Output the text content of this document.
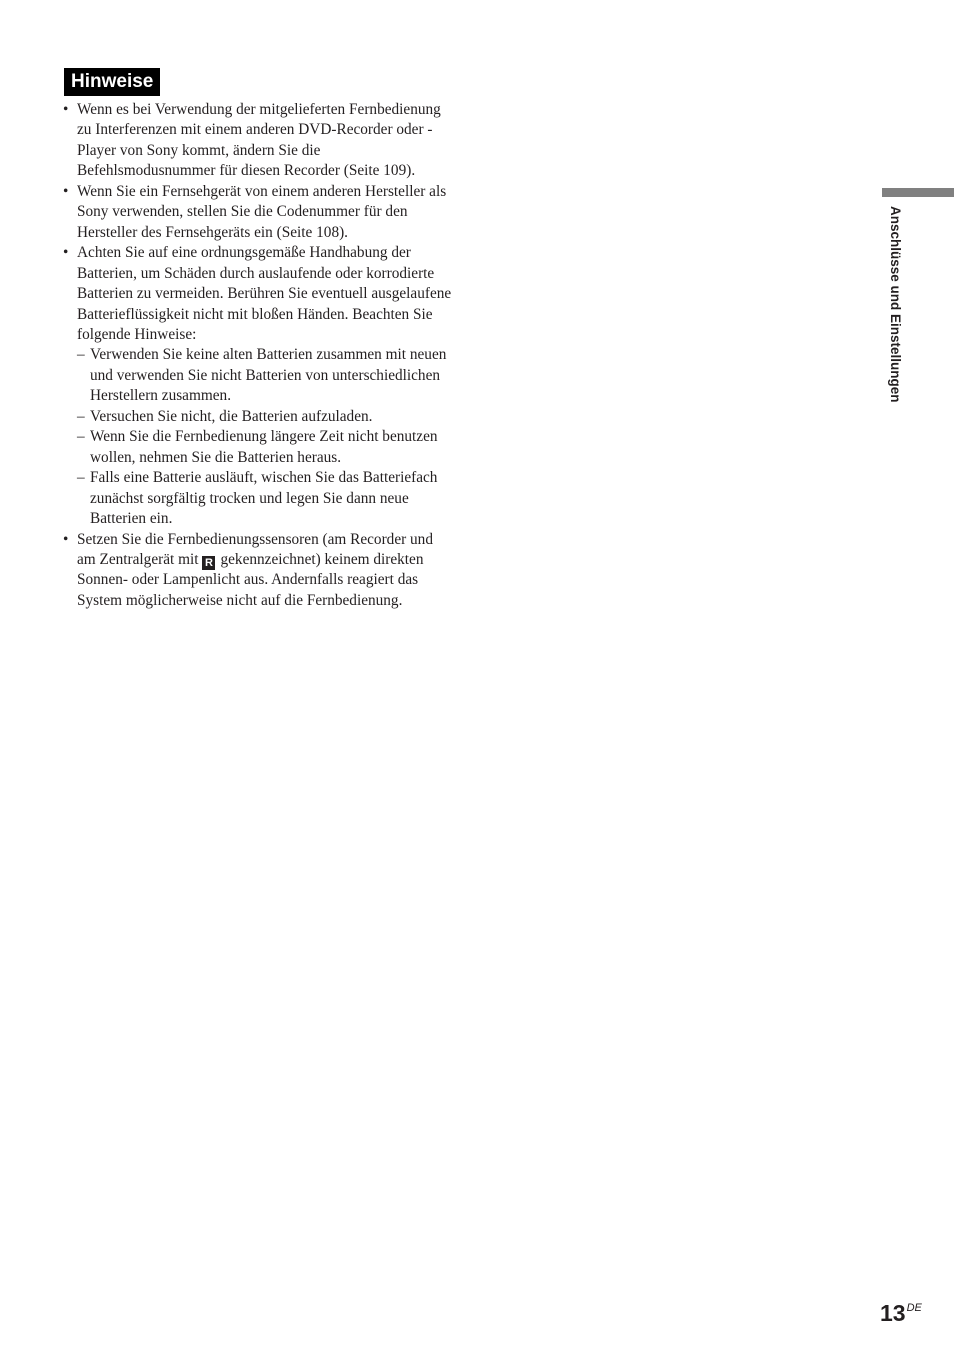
Hinweise
• Wenn es bei Verwendung der mitgelieferten Fernbedienung zu Interferenzen mit einem anderen DVD-Recorder oder -Player von Sony kommt, ändern Sie die Befehlsmodusnummer für diesen Recorder (Seite 109).
• Wenn Sie ein Fernsehgerät von einem anderen Hersteller als Sony verwenden, stellen Sie die Codenummer für den Hersteller des Fernsehgeräts ein (Seite 108).
• Achten Sie auf eine ordnungsgemäße Handhabung der Batterien, um Schäden durch auslaufende oder korrodierte Batterien zu vermeiden. Berühren Sie eventuell ausgelaufene Batterieflüssigkeit nicht mit bloßen Händen. Beachten Sie folgende Hinweise:
– Verwenden Sie keine alten Batterien zusammen mit neuen und verwenden Sie nicht Batterien von unterschiedlichen Herstellern zusammen.
– Versuchen Sie nicht, die Batterien aufzuladen.
– Wenn Sie die Fernbedienung längere Zeit nicht benutzen wollen, nehmen Sie die Batterien heraus.
– Falls eine Batterie ausläuft, wischen Sie das Batteriefach zunächst sorgfältig trocken und legen Sie dann neue Batterien ein.
• Setzen Sie die Fernbedienungssensoren (am Recorder und am Zentralgerät mit R gekennzeichnet) keinem direkten Sonnen- oder Lampenlicht aus. Andernfalls reagiert das System möglicherweise nicht auf die Fernbedienung.
Anschlüsse und Einstellungen
13DE
